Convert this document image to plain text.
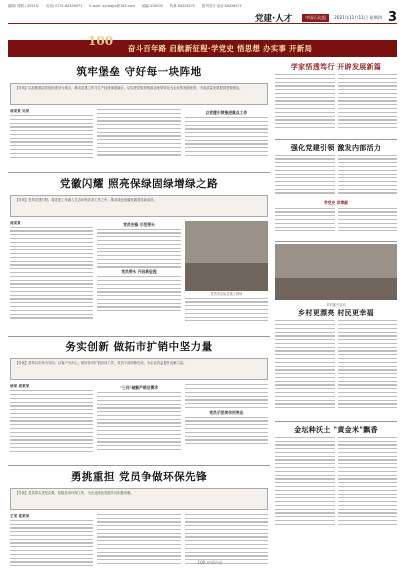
编辑/ 周钢 / 2021年 电话/ 0731-84326571 E-mail: xyrbdjzx@163.com 邮编 410005 传真 84326270 报刊发行 电话 84326571
党建·人才	中国石化报	2021年11月11日 星期四 3
100	奋斗百年路 启航新征程·学党史 悟思想 办实事 开新局
筑牢堡垒 守好每一块阵地
【导读】以加强基层党组织建设为重点，推动党建工作与生产经营深度融合，切实把党组织的政治优势转化为企业的发展优势，为高质量发展提供坚强保证。
周某某 吴某	以党建引领推进重点工作
党徽闪耀 照亮保绿固绿增绿之路
【导读】坚持党建引领，将党建工作融入生态环保各项工作之中，推动绿色低碳发展取得新成效。
周某某	党员先锋 示范带头
党员带头 开启新征程
党员突击队在施工现场
务实创新 做拓市扩销中坚力量
【导读】坚持以市场为导向，以客户为中心，做好拓市扩销各项工作，党员干部冲锋在前，为企业效益提升贡献力量。
徐某 周某某	"三问"破解产销及需求
党员示范岗作用突出
勇挑重担 党员争做环保先锋
【导读】党员带头攻坚克难，积极投身环保工作，为企业绿色发展作出积极贡献。
王某 雷某某
学家悟透笃行 开辟发展新篇
强化党建引领 激发内部活力
学党史 讲奉献
乡村振兴活动
乡村更漂亮 村民更幸福
金坛种沃土 "黄金米"飘香
100 中国石化
